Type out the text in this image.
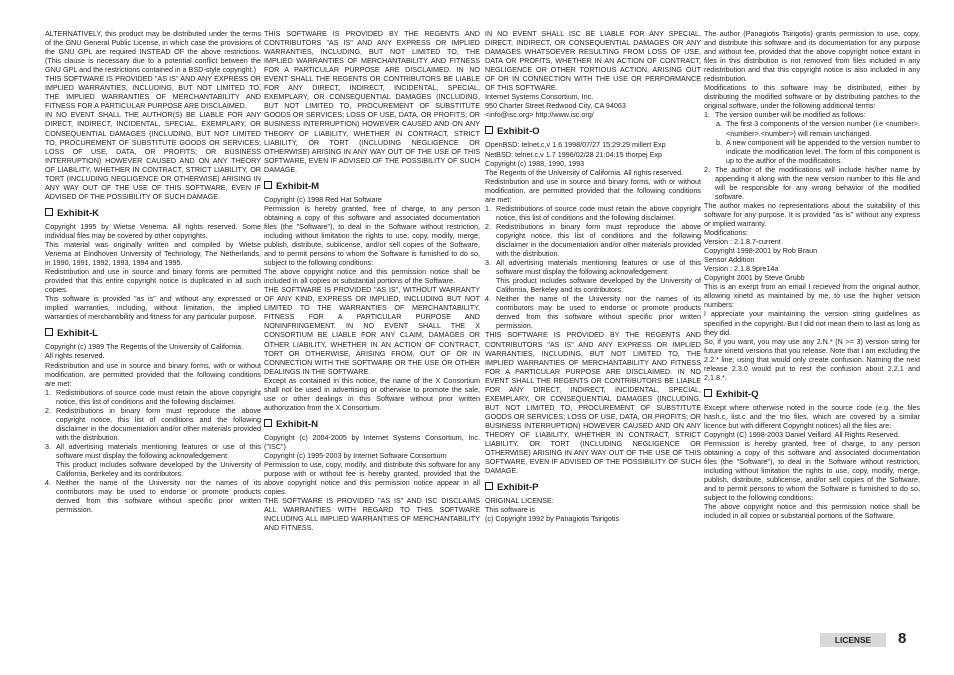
ALTERNATIVELY, this product may be distributed under the terms of the GNU General Public License, in which case the provisions of the GNU GPL are required INSTEAD OF the above restrictions. (This clause is necessary due to a potential conflict between the GNU GPL and the restrictions contained in a BSD-style copyright.)

THIS SOFTWARE IS PROVIDED "AS IS" AND ANY EXPRESS OR IMPLIED WARRANTIES, INCLUDING, BUT NOT LIMITED TO, THE IMPLIED WARRANTIES OF MERCHANTABILITY AND FITNESS FOR A PARTICULAR PURPOSE ARE DISCLAIMED.

IN NO EVENT SHALL THE AUTHOR(S) BE LIABLE FOR ANY DIRECT, INDIRECT, INCIDENTAL, SPECIAL, EXEMPLARY, OR CONSEQUENTIAL DAMAGES (INCLUDING, BUT NOT LIMITED TO, PROCUREMENT OF SUBSTITUTE GOODS OR SERVICES; LOSS OF USE, DATA, OR PROFITS; OR BUSINESS INTERRUPTION) HOWEVER CAUSED AND ON ANY THEORY OF LIABILITY, WHETHER IN CONTRACT, STRICT LIABILITY, OR TORT (INCLUDING NEGLIGENCE OR OTHERWISE) ARISING IN ANY WAY OUT OF THE USE OF THIS SOFTWARE, EVEN IF ADVISED OF THE POSSIBILITY OF SUCH DAMAGE.

Exhibit-K

Copyright 1995 by Wietse Venema. All rights reserved. Some individual files may be covered by other copyrights.

This material was originally written and compiled by Wietse Venema at Eindhoven University of Technology, The Netherlands, in 1990, 1991, 1992, 1993, 1994 and 1995.

Redistribution and use in source and binary forms are permitted provided that this entire copyright notice is duplicated in all such copies.

This software is provided "as is" and without any expressed or implied warranties, including, without limitation, the implied warranties of merchantibility and fitness for any particular purpose.

Exhibit-L

Copyright (c) 1989 The Regents of the University of California.

All rights reserved.

Redistribution and use in source and binary forms, with or without modification, are permitted provided that the following conditions are met:

1. Redistributions of source code must retain the above copyright notice, this list of conditions and the following disclaimer.
2. Redistributions in binary form must reproduce the above copyright notice, this list of conditions and the following disclaimer in the documentation and/or other materials provided with the distribution.
3. All advertising materials mentioning features or use of this software must display the following acknowledgement:

This product includes software developed by the University of California, Berkeley and its contributors.

4. Neither the name of the University nor the names of its contributors may be used to endorse or promote products derived from this software without specific prior written permission.

THIS SOFTWARE IS PROVIDED BY THE REGENTS AND CONTRIBUTORS "AS IS" AND ANY EXPRESS OR IMPLIED WARRANTIES, INCLUDING, BUT NOT LIMITED TO, THE IMPLIED WARRANTIES OF MERCHANTABILITY AND FITNESS FOR A PARTICULAR PURPOSE ARE DISCLAIMED. IN NO EVENT SHALL THE REGENTS OR CONTRIBUTORS BE LIABLE FOR ANY DIRECT, INDIRECT, INCIDENTAL, SPECIAL, EXEMPLARY, OR CONSEQUENTIAL DAMAGES (INCLUDING, BUT NOT LIMITED TO, PROCUREMENT OF SUBSTITUTE GOODS OR SERVICES; LOSS OF USE, DATA, OR PROFITS; OR BUSINESS INTERRUPTION) HOWEVER CAUSED AND ON ANY THEORY OF LIABILITY, WHETHER IN CONTRACT, STRICT LIABILITY, OR TORT (INCLUDING NEGLIGENCE OR OTHERWISE) ARISING IN ANY WAY OUT OF THE USE OF THIS SOFTWARE, EVEN IF ADVISED OF THE POSSIBILITY OF SUCH DAMAGE.

Exhibit-M

Copyright (c) 1998 Red Hat Software

Permission is hereby granted, free of charge, to any person obtaining a copy of this software and associated documentation files (the "Software"), to deal in the Software without restriction, including without limitation the rights to use, copy, modify, merge, publish, distribute, sublicense, and/or sell copies of the Software, and to permit persons to whom the Software is furnished to do so, subject to the following conditions:

The above copyright notice and this permission notice shall be included in all copies or substantial portions of the Software.

THE SOFTWARE IS PROVIDED "AS IS", WITHOUT WARRANTY OF ANY KIND, EXPRESS OR IMPLIED, INCLUDING BUT NOT LIMITED TO THE WARRANTIES OF MERCHANTABILITY, FITNESS FOR A PARTICULAR PURPOSE AND NONINFRINGEMENT. IN NO EVENT SHALL THE X CONSORTIUM BE LIABLE FOR ANY CLAIM, DAMAGES OR OTHER LIABILITY, WHETHER IN AN ACTION OF CONTRACT, TORT OR OTHERWISE, ARISING FROM, OUT OF OR IN CONNECTION WITH THE SOFTWARE OR THE USE OR OTHER DEALINGS IN THE SOFTWARE.

Except as contained in this notice, the name of the X Consortium shall not be used in advertising or otherwise to promote the sale, use or other dealings in this Software without prior written authorization from the X Consortium.

Exhibit-N

Copyright (c) 2004-2005 by Internet Systems Consortium, Inc. ("ISC")

Copyright (c) 1995-2003 by Internet Software Consortium

Permission to use, copy, modify, and distribute this software for any purpose with or without fee is hereby granted, provided that the above copyright notice and this permission notice appear in all copies.

THE SOFTWARE IS PROVIDED "AS IS" AND ISC DISCLAIMS ALL WARRANTIES WITH REGARD TO THIS SOFTWARE INCLUDING ALL IMPLIED WARRANTIES OF MERCHANTABILITY AND FITNESS.

IN NO EVENT SHALL ISC BE LIABLE FOR ANY SPECIAL, DIRECT, INDIRECT, OR CONSEQUENTIAL DAMAGES OR ANY DAMAGES WHATSOEVER RESULTING FROM LOSS OF USE, DATA OR PROFITS, WHETHER IN AN ACTION OF CONTRACT, NEGLIGENCE OR OTHER TORTIOUS ACTION, ARISING OUT OF OR IN CONNECTION WITH THE USE OR PERFORMANCE OF THIS SOFTWARE.

Internet Systems Consortium, Inc.

950 Charter Street Redwood City, CA 94063

<info@isc.org> http://www.isc.org/

Exhibit-O

OpenBSD: telnet.c,v 1.6 1998/07/27 15:29:29 millert Exp

NetBSD: telnet.c,v 1.7 1996/02/28 21:04:15 thorpej Exp

Copyright (c) 1988, 1990, 1993

The Regents of the University of California. All rights reserved.

Redistribution and use in source and binary forms, with or without modification, are permitted provided that the following conditions are met:

1. Redistributions of source code must retain the above copyright notice, this list of conditions and the following disclaimer.
2. Redistributions in binary form must reproduce the above copyright notice, this list of conditions and the following disclaimer in the documentation and/or other materials provided with the distribution.
3. All advertising materials mentioning features or use of this software must display the following acknowledgement:

This product includes software developed by the University of California, Berkeley and its contributors.

4. Neither the name of the University nor the names of its contributors may be used to endorse or promote products derived from this software without specific prior written permission.

THIS SOFTWARE IS PROVIDED BY THE REGENTS AND CONTRIBUTORS "AS IS" AND ANY EXPRESS OR IMPLIED WARRANTIES, INCLUDING, BUT NOT LIMITED TO, THE IMPLIED WARRANTIES OF MERCHANTABILITY AND FITNESS FOR A PARTICULAR PURPOSE ARE DISCLAIMED. IN NO EVENT SHALL THE REGENTS OR CONTRIBUTORS BE LIABLE FOR ANY DIRECT, INDIRECT, INCIDENTAL, SPECIAL, EXEMPLARY, OR CONSEQUENTIAL DAMAGES (INCLUDING, BUT NOT LIMITED TO, PROCUREMENT OF SUBSTITUTE GOODS OR SERVICES; LOSS OF USE, DATA, OR PROFITS; OR BUSINESS INTERRUPTION) HOWEVER CAUSED AND ON ANY THEORY OF LIABILITY, WHETHER IN CONTRACT, STRICT LIABILITY, OR TORT (INCLUDING NEGLIGENCE OR OTHERWISE) ARISING IN ANY WAY OUT OF THE USE OF THIS SOFTWARE, EVEN IF ADVISED OF THE POSSIBILITY OF SUCH DAMAGE.

Exhibit-P

ORIGINAL LICENSE:

This software is

(c) Copyright 1992 by Panagiotis Tsirigotis

The author (Panagiotis Tsirigotis) grants permission to use, copy, and distribute this software and its documentation for any purpose and without fee, provided that the above copyright notice extant in files in this distribution is not removed from files included in any redistribution and that this copyright notice is also included in any redistribution.

Modifications to this software may be distributed, either by distributing the modified software or by distributing patches to the original software, under the following additional terms:

1. The version number will be modified as follows:
a. The first 3 components of the version number (i.e <number>.<number>.<number>) will remain unchanged.
b. A new component will be appended to the version number to indicate the modification level. The form of this component is up to the author of the modifications.
2. The author of the modifications will include his/her name by appending it along with the new version number to this file and will be responsible for any wrong behavior of the modified software.

The author makes no representations about the suitability of this software for any purpose. It is provided "as is" without any express or implied warranty.

Modifications:

Version : 2.1.8.7-current

Copyright 1998-2001 by Rob Braun

Sensor Addition

Version : 2.1.8.9pre14a

Copyright 2001 by Steve Grubb

This is an exerpt from an email I recieved from the original author, allowing xinetd as maintained by me, to use the higher version numbers:

I appreciate your maintaining the version string guidelines as specified in the copyright. But I did not mean them to last as long as they did.

So, if you want, you may use any 2.N.* (N >= 3) version string for future xinetd versions that you release. Note that I am excluding the 2.2.* line; using that would only create confusion. Naming the next release 2.3.0 would put to rest the confusion about 2.2.1 and 2.1.8.*.

Exhibit-Q

Except where otherwise noted in the source code (e.g. the files hash.c, list.c and the trio files, which are covered by a similar licence but with different Copyright notices) all the files are:

Copyright (C) 1998-2003 Daniel Veillard. All Rights Reserved.

Permission is hereby granted, free of charge, to any person obtaining a copy of this software and associated documentation files (the "Software"), to deal in the Software without restriction, including without limitation the rights to use, copy, modify, merge, publish, distribute, sublicense, and/or sell copies of the Software, and to permit persons to whom the Software is furnished to do so, subject to the following conditions:

The above copyright notice and this permission notice shall be included in all copies or substantial portions of the Software.

LICENSE	8
